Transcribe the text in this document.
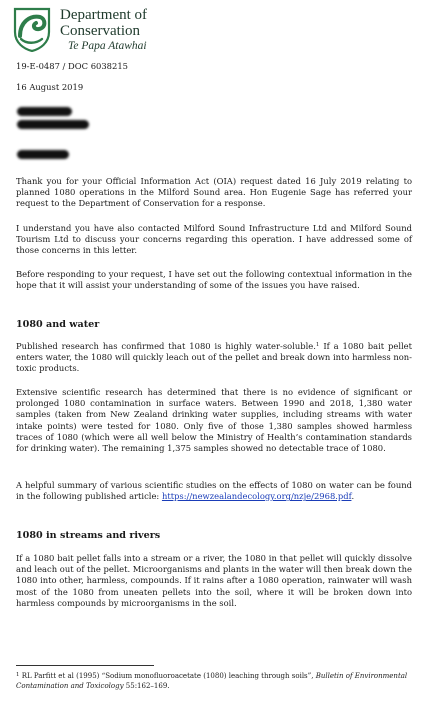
Department of
Conservation
Te Papa Atawhai
19-E-0487 / DOC 6038215
16 August 2019

Thank you for your Official Information Act (OIA) request dated 16 July 2019 relating to planned 1080 operations in the Milford Sound area. Hon Eugenie Sage has referred your request to the Department of Conservation for a response.

I understand you have also contacted Milford Sound Infrastructure Ltd and Milford Sound Tourism Ltd to discuss your concerns regarding this operation. I have addressed some of those concerns in this letter.

Before responding to your request, I have set out the following contextual information in the hope that it will assist your understanding of some of the issues you have raised.

1080 and water

Published research has confirmed that 1080 is highly water-soluble.$^1$ If a 1080 bait pellet enters water, the 1080 will quickly leach out of the pellet and break down into harmless non-toxic products.

Extensive scientific research has determined that there is no evidence of significant or prolonged 1080 contamination in surface waters. Between 1990 and 2018, 1,380 water samples (taken from New Zealand drinking water supplies, including streams with water intake points) were tested for 1080. Only five of those 1,380 samples showed harmless traces of 1080 (which were all well below the Ministry of Health’s contamination standards for drinking water). The remaining 1,375 samples showed no detectable trace of 1080.

A helpful summary of various scientific studies on the effects of 1080 on water can be found in the following published article: https://newzealandecology.org/nzje/2968.pdf.

1080 in streams and rivers

If a 1080 bait pellet falls into a stream or a river, the 1080 in that pellet will quickly dissolve and leach out of the pellet. Microorganisms and plants in the water will then break down the 1080 into other, harmless, compounds. If it rains after a 1080 operation, rainwater will wash most of the 1080 from uneaten pellets into the soil, where it will be broken down into harmless compounds by microorganisms in the soil.

$^1$ RL Parfitt et al (1995) “Sodium monofluoroacetate (1080) leaching through soils”, Bulletin of Environmental Contamination and Toxicology 55:162–169.
